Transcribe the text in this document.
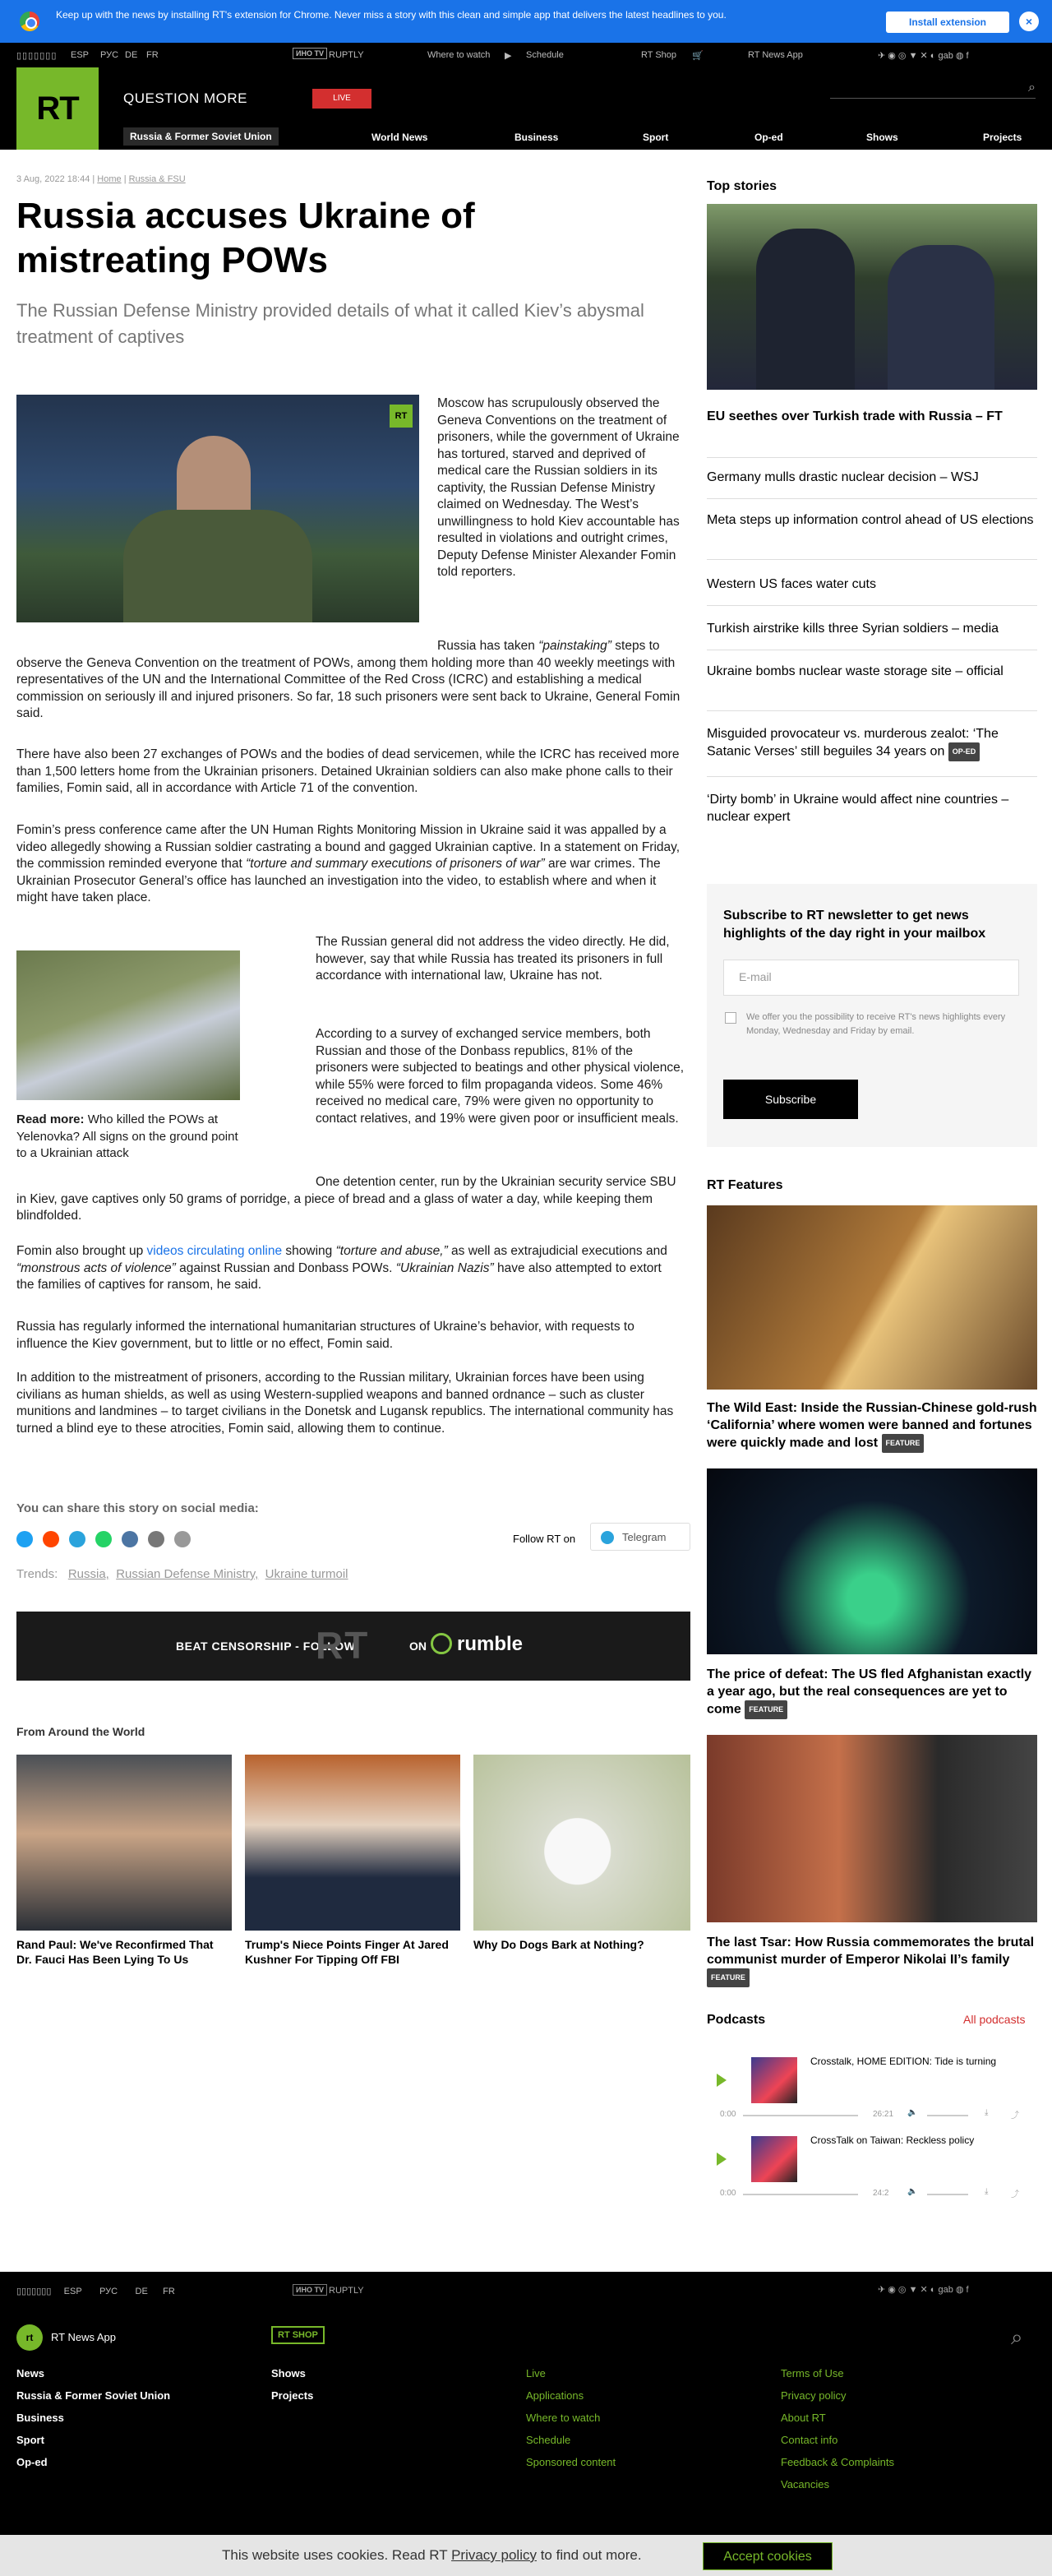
Keep up with the news by installing RT's extension for Chrome. Never miss a story with this clean and simple app that delivers the latest headlines to you.
Install extension	×
▯▯▯▯▯▯▯ ESP РУС DE FR	ИНО ТV RUPTLY	Where to watch ▶ Schedule	RT Shop 🛒	RT News App	✈ ◉ ◎ ▼ ✕ ◐ gab ◍ f
RT	QUESTION MORE	LIVE
⌕
Russia & Former Soviet Union	World News	Business	Sport	Op-ed	Shows	Projects
3 Aug, 2022 18:44 | Home | Russia & FSU
Russia accuses Ukraine of mistreating POWs
The Russian Defense Ministry provided details of what it called Kiev’s abysmal treatment of captives
RT
Moscow has scrupulously observed the Geneva Conventions on the treatment of prisoners, while the government of Ukraine has tortured, starved and deprived of medical care the Russian soldiers in its captivity, the Russian Defense Ministry claimed on Wednesday. The West’s unwillingness to hold Kiev accountable has resulted in violations and outright crimes, Deputy Defense Minister Alexander Fomin told reporters.
Russia has taken “painstaking” steps to observe the Geneva Convention on the treatment of POWs, among them holding more than 40 weekly meetings with representatives of the UN and the International Committee of the Red Cross (ICRC) and establishing a medical commission on seriously ill and injured prisoners. So far, 18 such prisoners were sent back to Ukraine, General Fomin said.
There have also been 27 exchanges of POWs and the bodies of dead servicemen, while the ICRC has received more than 1,500 letters home from the Ukrainian prisoners. Detained Ukrainian soldiers can also make phone calls to their families, Fomin said, all in accordance with Article 71 of the convention.
Fomin’s press conference came after the UN Human Rights Monitoring Mission in Ukraine said it was appalled by a video allegedly showing a Russian soldier castrating a bound and gagged Ukrainian captive. In a statement on Friday, the commission reminded everyone that “torture and summary executions of prisoners of war” are war crimes. The Ukrainian Prosecutor General’s office has launched an investigation into the video, to establish where and when it might have taken place.
Read more: Who killed the POWs at Yelenovka? All signs on the ground point to a Ukrainian attack
The Russian general did not address the video directly. He did, however, say that while Russia has treated its prisoners in full accordance with international law, Ukraine has not.
According to a survey of exchanged service members, both Russian and those of the Donbass republics, 81% of the prisoners were subjected to beatings and other physical violence, while 55% were forced to film propaganda videos. Some 46% received no medical care, 79% were given no opportunity to contact relatives, and 19% were given poor or insufficient meals.
One detention center, run by the Ukrainian security service SBU in Kiev, gave captives only 50 grams of porridge, a piece of bread and a glass of water a day, while keeping them blindfolded.
Fomin also brought up videos circulating online showing “torture and abuse,” as well as extrajudicial executions and “monstrous acts of violence” against Russian and Donbass POWs. “Ukrainian Nazis” have also attempted to extort the families of captives for ransom, he said.
Russia has regularly informed the international humanitarian structures of Ukraine’s behavior, with requests to influence the Kiev government, but to little or no effect, Fomin said.
In addition to the mistreatment of prisoners, according to the Russian military, Ukrainian forces have been using civilians as human shields, as well as using Western-supplied weapons and banned ordnance – such as cluster munitions and landmines – to target civilians in the Donetsk and Lugansk republics. The international community has turned a blind eye to these atrocities, Fomin said, allowing them to continue.
You can share this story on social media:
Follow RT on	Telegram
Trends: Russia, Russian Defense Ministry, Ukraine turmoil
BEAT CENSORSHIP - FOLLOW
RT	ON rumble
From Around the World
Rand Paul: We've Reconfirmed That Dr. Fauci Has Been Lying To Us
Trump's Niece Points Finger At Jared Kushner For Tipping Off FBI
Why Do Dogs Bark at Nothing?
Top stories
EU seethes over Turkish trade with Russia – FT
Germany mulls drastic nuclear decision – WSJ
Meta steps up information control ahead of US elections
Western US faces water cuts
Turkish airstrike kills three Syrian soldiers – media
Ukraine bombs nuclear waste storage site – official
Misguided provocateur vs. murderous zealot: ‘The Satanic Verses’ still beguiles 34 years on OP-ED
‘Dirty bomb’ in Ukraine would affect nine countries – nuclear expert
Subscribe to RT newsletter to get news highlights of the day right in your mailbox
E-mail
We offer you the possibility to receive RT's news highlights every Monday, Wednesday and Friday by email.
Subscribe
RT Features
The Wild East: Inside the Russian-Chinese gold-rush ‘California’ where women were banned and fortunes were quickly made and lost FEATURE
The price of defeat: The US fled Afghanistan exactly a year ago, but the real consequences are yet to come FEATURE
The last Tsar: How Russia commemorates the brutal communist murder of Emperor Nikolai II’s family FEATURE
Podcasts	All podcasts
Crosstalk, HOME EDITION: Tide is turning
0:00	26:21 🔈	⤓	⤴
CrossTalk on Taiwan: Reckless policy
0:00	24:2 🔈	⤓	⤴
▯▯▯▯▯▯▯ ESP РУС DE FR	ИНО ТV RUPTLY	✈ ◉ ◎ ▼ ✕ ◐ gab ◍ f
rt	RT News App	RT SHOP	⌕
News
Russia & Former Soviet Union
Business
Sport
Op-ed
Shows
Projects
Live
Applications
Where to watch
Schedule
Sponsored content
Terms of Use
Privacy policy
About RT
Contact info
Feedback & Complaints
Vacancies
This website uses cookies. Read RT Privacy policy to find out more.	Accept cookies
